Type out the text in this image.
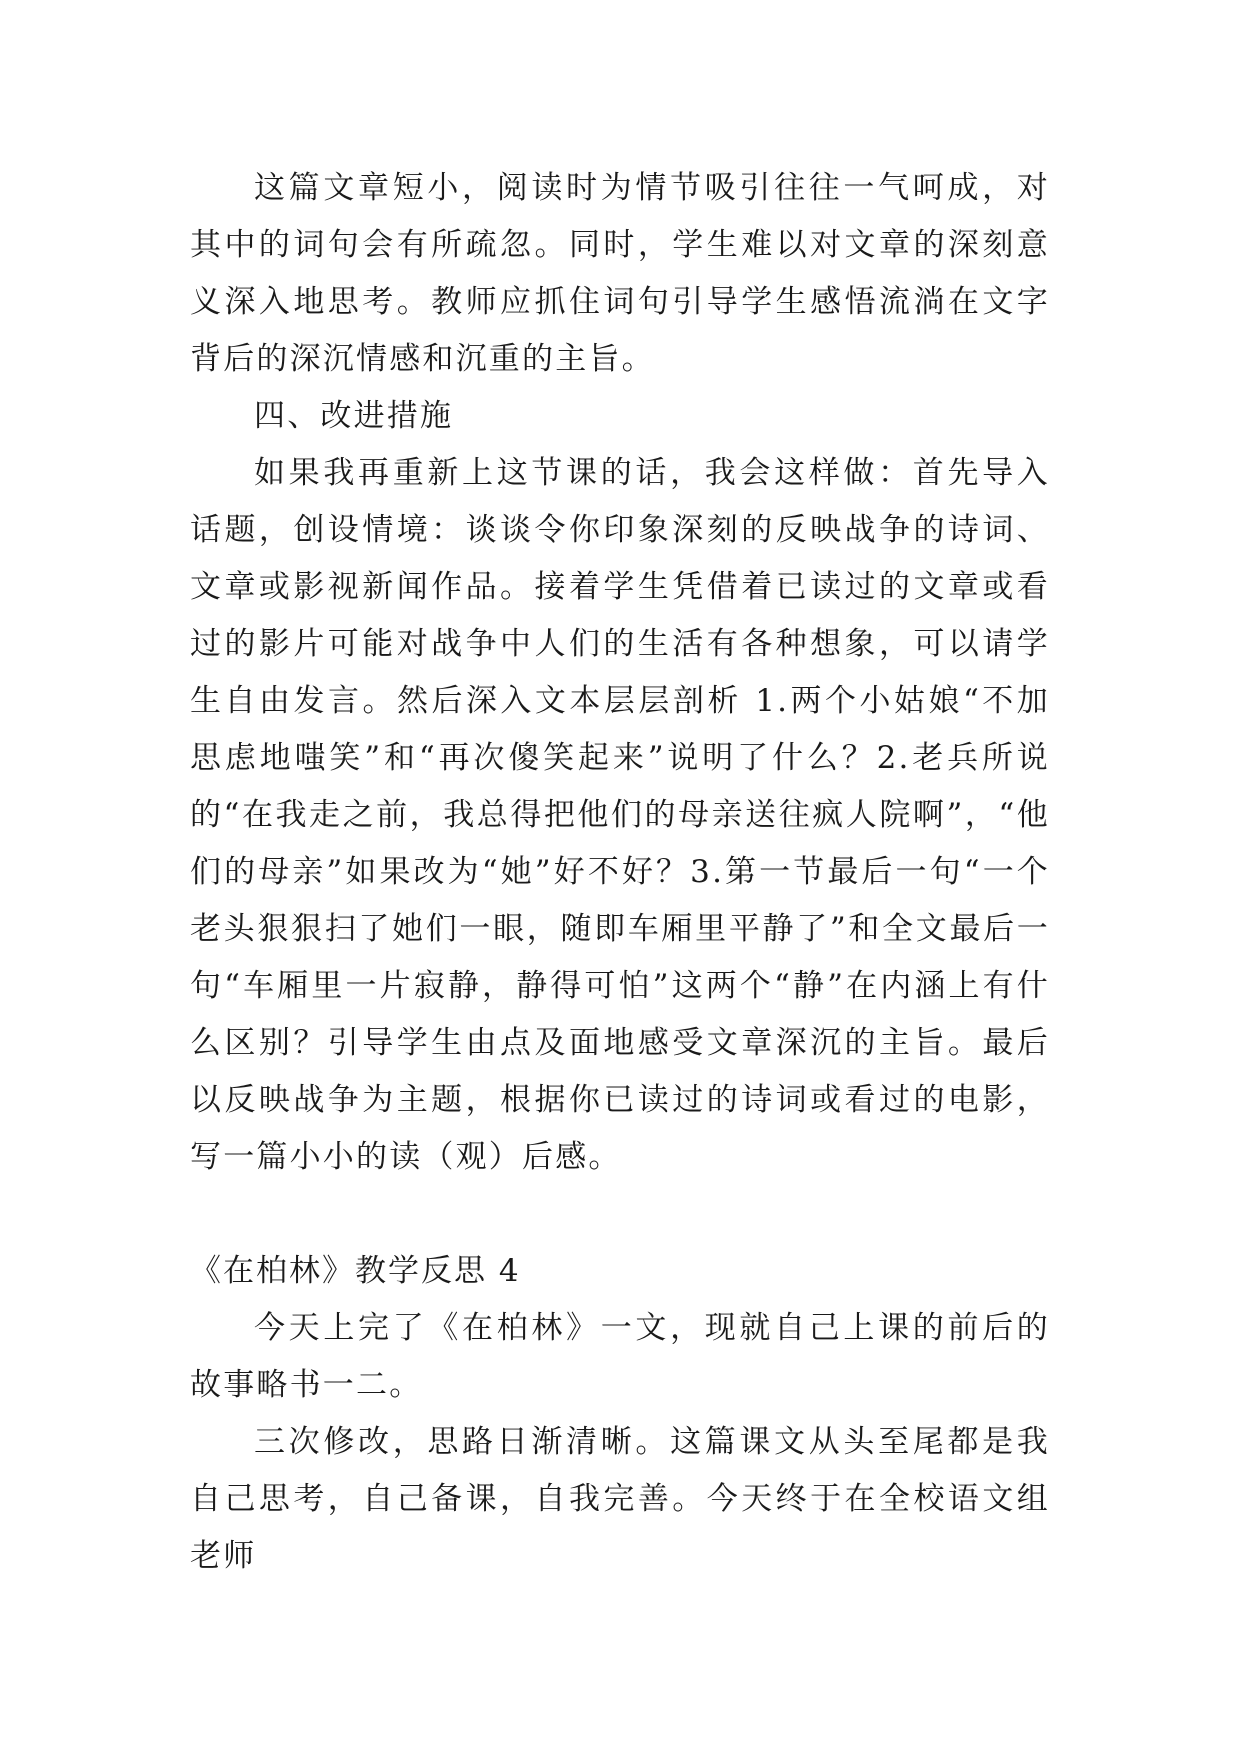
这篇文章短小，阅读时为情节吸引往往一气呵成，对其中的词句会有所疏忽。同时，学生难以对文章的深刻意义深入地思考。教师应抓住词句引导学生感悟流淌在文字背后的深沉情感和沉重的主旨。

四、改进措施

如果我再重新上这节课的话，我会这样做：首先导入话题，创设情境：谈谈令你印象深刻的反映战争的诗词、文章或影视新闻作品。接着学生凭借着已读过的文章或看过的影片可能对战争中人们的生活有各种想象，可以请学生自由发言。然后深入文本层层剖析 1.两个小姑娘“不加思虑地嗤笑”和“再次傻笑起来”说明了什么？2.老兵所说的“在我走之前，我总得把他们的母亲送往疯人院啊”，“他们的母亲”如果改为“她”好不好？3.第一节最后一句“一个老头狠狠扫了她们一眼，随即车厢里平静了”和全文最后一句“车厢里一片寂静，静得可怕”这两个“静”在内涵上有什么区别？引导学生由点及面地感受文章深沉的主旨。最后以反映战争为主题，根据你已读过的诗词或看过的电影，写一篇小小的读（观）后感。

《在柏林》教学反思 4

今天上完了《在柏林》一文，现就自己上课的前后的故事略书一二。

三次修改，思路日渐清晰。这篇课文从头至尾都是我自己思考，自己备课，自我完善。今天终于在全校语文组老师
